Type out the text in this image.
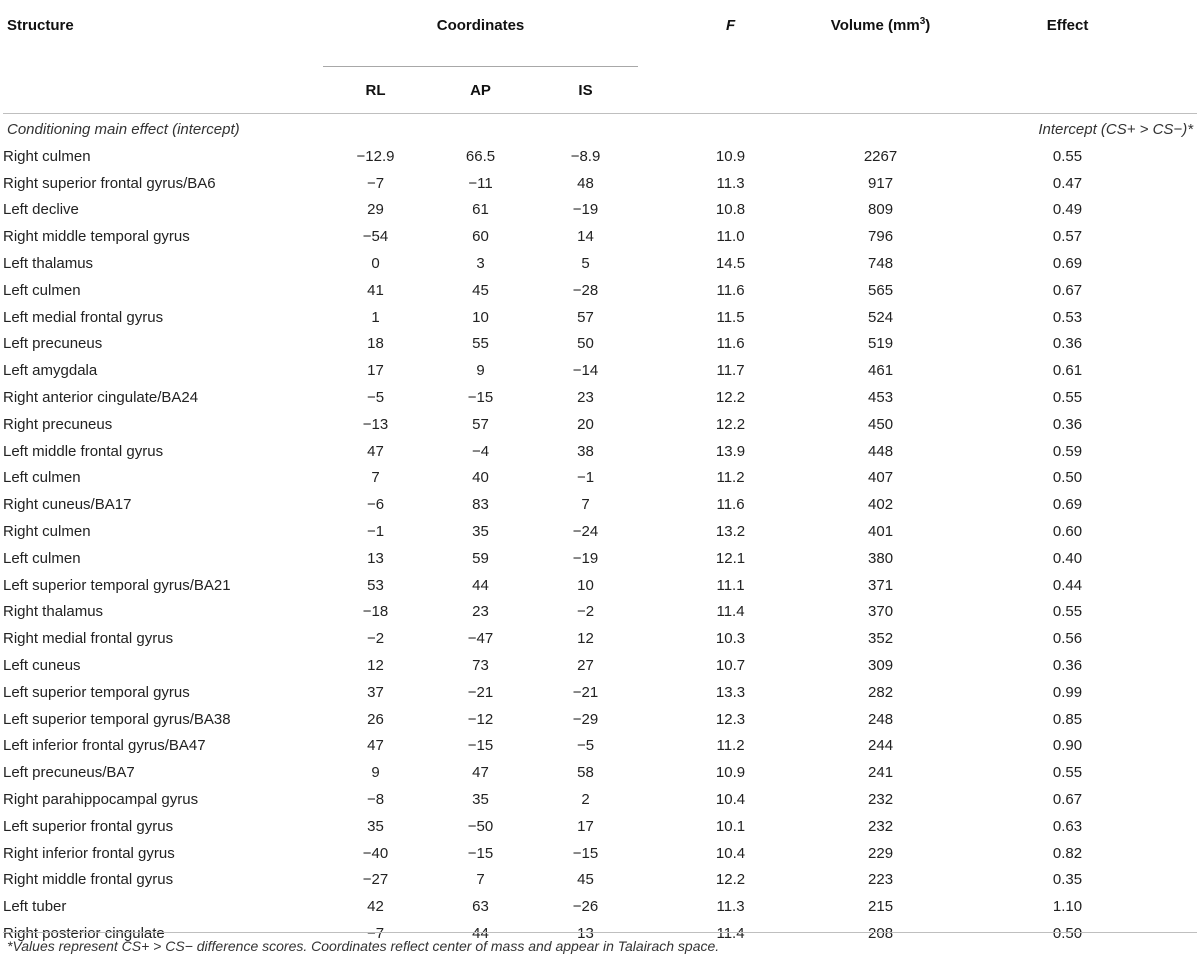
Structure	Coordinates			F	Volume $(mm^3)$	Effect
	RL	AP	IS			
Conditioning main effect (intercept)				Intercept (CS+ > CS−)*		
Right culmen	−12.9	66.5	−8.9	10.9	2267	0.55
Right superior frontal gyrus/BA6	−7	−11	48	11.3	917	0.47
Left declive	29	61	−19	10.8	809	0.49
Right middle temporal gyrus	−54	60	14	11.0	796	0.57
Left thalamus	0	3	5	14.5	748	0.69
Left culmen	41	45	−28	11.6	565	0.67
Left medial frontal gyrus	1	10	57	11.5	524	0.53
Left precuneus	18	55	50	11.6	519	0.36
Left amygdala	17	9	−14	11.7	461	0.61
Right anterior cingulate/BA24	−5	−15	23	12.2	453	0.55
Right precuneus	−13	57	20	12.2	450	0.36
Left middle frontal gyrus	47	−4	38	13.9	448	0.59
Left culmen	7	40	−1	11.2	407	0.50
Right cuneus/BA17	−6	83	7	11.6	402	0.69
Right culmen	−1	35	−24	13.2	401	0.60
Left culmen	13	59	−19	12.1	380	0.40
Left superior temporal gyrus/BA21	53	44	10	11.1	371	0.44
Right thalamus	−18	23	−2	11.4	370	0.55
Right medial frontal gyrus	−2	−47	12	10.3	352	0.56
Left cuneus	12	73	27	10.7	309	0.36
Left superior temporal gyrus	37	−21	−21	13.3	282	0.99
Left superior temporal gyrus/BA38	26	−12	−29	12.3	248	0.85
Left inferior frontal gyrus/BA47	47	−15	−5	11.2	244	0.90
Left precuneus/BA7	9	47	58	10.9	241	0.55
Right parahippocampal gyrus	−8	35	2	10.4	232	0.67
Left superior frontal gyrus	35	−50	17	10.1	232	0.63
Right inferior frontal gyrus	−40	−15	−15	10.4	229	0.82
Right middle frontal gyrus	−27	7	45	12.2	223	0.35
Left tuber	42	63	−26	11.3	215	1.10
Right posterior cingulate	−7	44	13	11.4	208	0.50
*Values represent CS+ > CS− difference scores. Coordinates reflect center of mass and appear in Talairach space.
